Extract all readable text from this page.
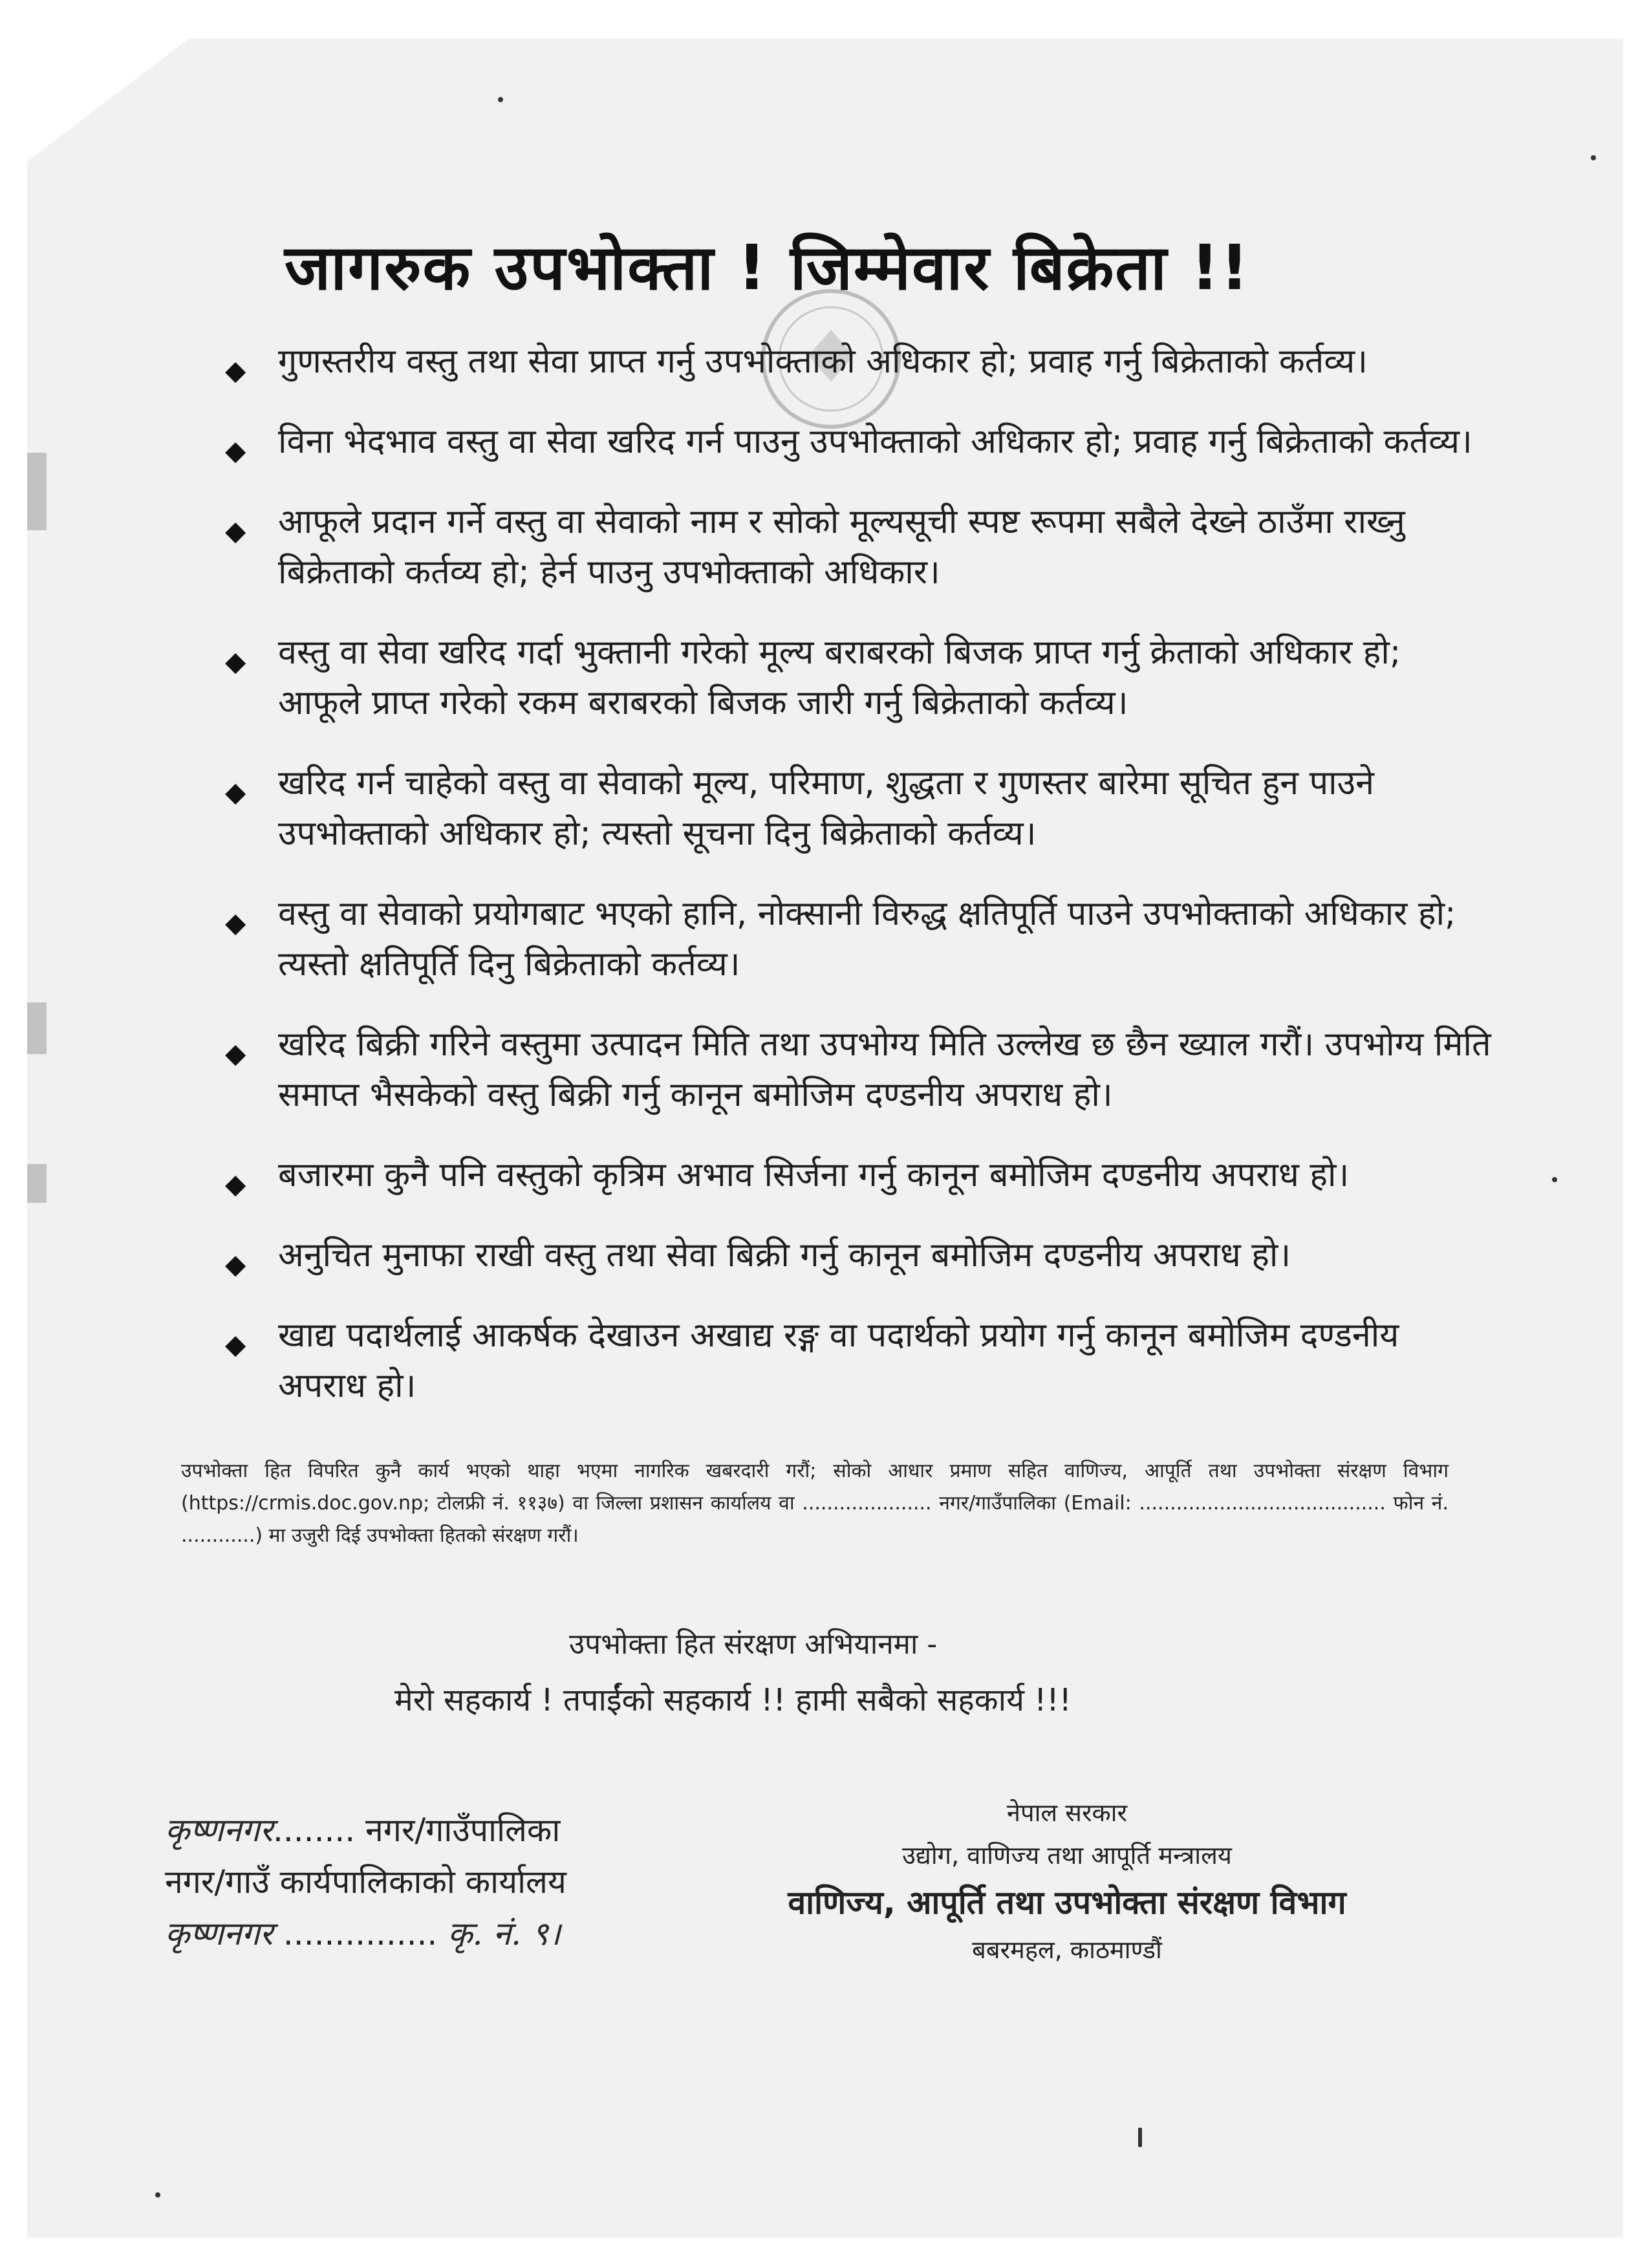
जागरुक उपभोक्ता ! जिम्मेवार बिक्रेता !!
◆ गुणस्तरीय वस्तु तथा सेवा प्राप्त गर्नु उपभोक्ताको अधिकार हो; प्रवाह गर्नु बिक्रेताको कर्तव्य।
◆ विना भेदभाव वस्तु वा सेवा खरिद गर्न पाउनु उपभोक्ताको अधिकार हो; प्रवाह गर्नु बिक्रेताको कर्तव्य।
◆ आफूले प्रदान गर्ने वस्तु वा सेवाको नाम र सोको मूल्यसूची स्पष्ट रूपमा सबैले देख्ने ठाउँमा राख्नु बिक्रेताको कर्तव्य हो; हेर्न पाउनु उपभोक्ताको अधिकार।
◆ वस्तु वा सेवा खरिद गर्दा भुक्तानी गरेको मूल्य बराबरको बिजक प्राप्त गर्नु क्रेताको अधिकार हो; आफूले प्राप्त गरेको रकम बराबरको बिजक जारी गर्नु बिक्रेताको कर्तव्य।
◆ खरिद गर्न चाहेको वस्तु वा सेवाको मूल्य, परिमाण, शुद्धता र गुणस्तर बारेमा सूचित हुन पाउने उपभोक्ताको अधिकार हो; त्यस्तो सूचना दिनु बिक्रेताको कर्तव्य।
◆ वस्तु वा सेवाको प्रयोगबाट भएको हानि, नोक्सानी विरुद्ध क्षतिपूर्ति पाउने उपभोक्ताको अधिकार हो; त्यस्तो क्षतिपूर्ति दिनु बिक्रेताको कर्तव्य।
◆ खरिद बिक्री गरिने वस्तुमा उत्पादन मिति तथा उपभोग्य मिति उल्लेख छ छैन ख्याल गरौं। उपभोग्य मिति समाप्त भैसकेको वस्तु बिक्री गर्नु कानून बमोजिम दण्डनीय अपराध हो।
◆ बजारमा कुनै पनि वस्तुको कृत्रिम अभाव सिर्जना गर्नु कानून बमोजिम दण्डनीय अपराध हो।
◆ अनुचित मुनाफा राखी वस्तु तथा सेवा बिक्री गर्नु कानून बमोजिम दण्डनीय अपराध हो।
◆ खाद्य पदार्थलाई आकर्षक देखाउन अखाद्य रङ्ग वा पदार्थको प्रयोग गर्नु कानून बमोजिम दण्डनीय अपराध हो।
उपभोक्ता हित विपरित कुनै कार्य भएको थाहा भएमा नागरिक खबरदारी गरौं; सोको आधार प्रमाण सहित वाणिज्य, आपूर्ति तथा उपभोक्ता संरक्षण विभाग (https://crmis.doc.gov.np; टोलफ्री नं. ११३७) वा जिल्ला प्रशासन कार्यालय वा ..................... नगर/गाउँपालिका (Email: ........................................ फोन नं. ............) मा उजुरी दिई उपभोक्ता हितको संरक्षण गरौं।
उपभोक्ता हित संरक्षण अभियानमा -
मेरो सहकार्य ! तपाईंको सहकार्य !! हामी सबैको सहकार्य !!!
कृष्णनगर........ नगर/गाउँपालिका
नगर/गाउँ कार्यपालिकाको कार्यालय
कृष्णनगर ............... कृ. नं. ९।
नेपाल सरकार
उद्योग, वाणिज्य तथा आपूर्ति मन्त्रालय
वाणिज्य, आपूर्ति तथा उपभोक्ता संरक्षण विभाग
बबरमहल, काठमाण्डौं
